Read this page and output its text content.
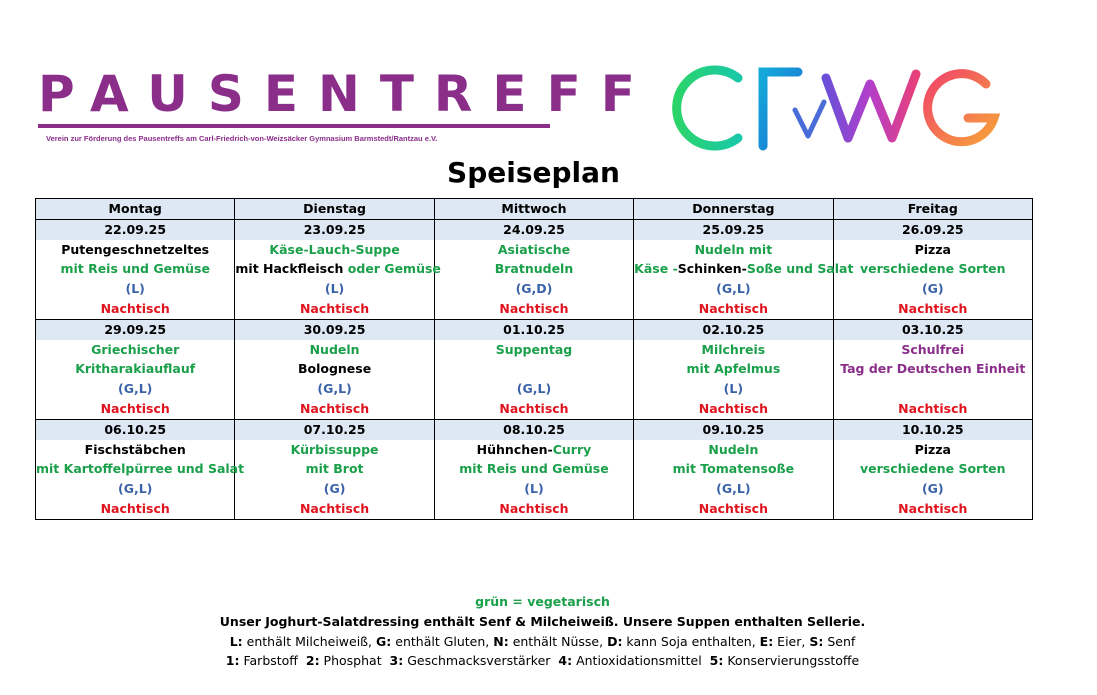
PAUSENTREFF
Verein zur Förderung des Pausentreffs am Carl-Friedrich-von-Weizsäcker Gymnasium Barmstedt/Rantzau e.V.
Speiseplan
Montag	Dienstag	Mittwoch	Donnerstag	Freitag
22.09.25	23.09.25	24.09.25	25.09.25	26.09.25
Putengeschnetzeltes	Käse-Lauch-Suppe	Asiatische	Nudeln mit	Pizza
mit Reis und Gemüse	mit Hackfleisch oder Gemüse	Bratnudeln	Käse -Schinken-Soße und Salat	verschiedene Sorten
(L)	(L)	(G,D)	(G,L)	(G)
Nachtisch	Nachtisch	Nachtisch	Nachtisch	Nachtisch
29.09.25	30.09.25	01.10.25	02.10.25	03.10.25
Griechischer	Nudeln	Suppentag	Milchreis	Schulfrei
Kritharakiauflauf	Bolognese		mit Apfelmus	Tag der Deutschen Einheit
(G,L)	(G,L)	(G,L)	(L)	
Nachtisch	Nachtisch	Nachtisch	Nachtisch	Nachtisch
06.10.25	07.10.25	08.10.25	09.10.25	10.10.25
Fischstäbchen	Kürbissuppe	Hühnchen-Curry	Nudeln	Pizza
mit Kartoffelpürree und Salat	mit Brot	mit Reis und Gemüse	mit Tomatensoße	verschiedene Sorten
(G,L)	(G)	(L)	(G,L)	(G)
Nachtisch	Nachtisch	Nachtisch	Nachtisch	Nachtisch
grün = vegetarisch
Unser Joghurt-Salatdressing enthält Senf & Milcheiweiß. Unsere Suppen enthalten Sellerie.
L: enthält Milcheiweiß, G: enthält Gluten, N: enthält Nüsse, D: kann Soja enthalten, E: Eier, S: Senf
1: Farbstoff  2: Phosphat  3: Geschmacksverstärker  4: Antioxidationsmittel  5: Konservierungsstoffe
